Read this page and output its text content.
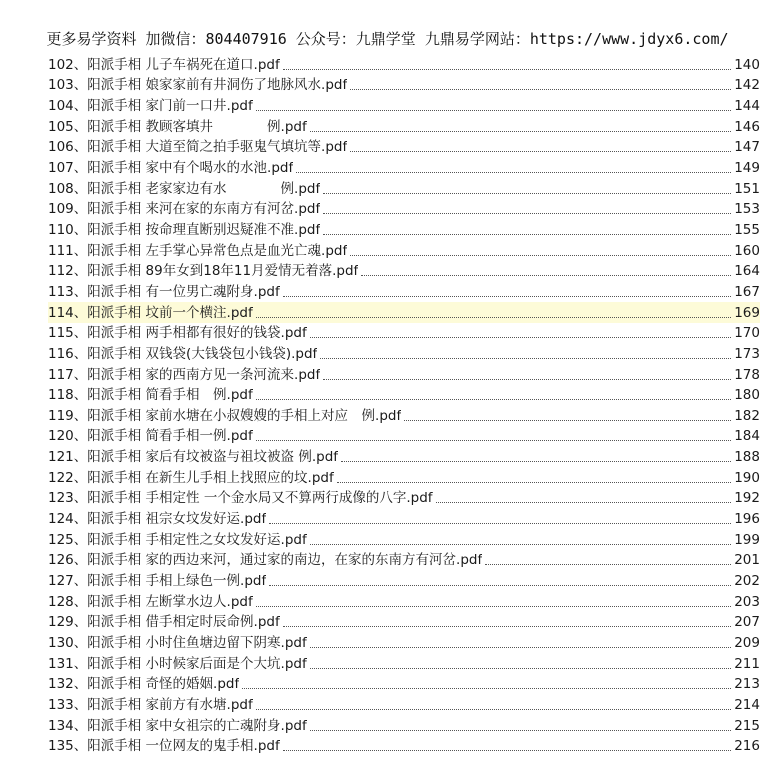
更多易学资料 加微信：804407916 公众号：九鼎学堂 九鼎易学网站：https://www.jdyx6.com/
102、阳派手相 儿子车祸死在道口.pdf	140
103、阳派手相 娘家家前有井洞伤了地脉风水.pdf	142
104、阳派手相 家门前一口井.pdf	144
105、阳派手相 教顾客填井　　　　例.pdf	146
106、阳派手相 大道至简之拍手驱鬼气填坑等.pdf	147
107、阳派手相 家中有个喝水的水池.pdf	149
108、阳派手相 老家家边有水　　　　例.pdf	151
109、阳派手相 来河在家的东南方有河岔.pdf	153
110、阳派手相 按命理直断别迟疑准不准.pdf	155
111、阳派手相 左手掌心异常色点是血光亡魂.pdf	160
112、阳派手相 89年女到18年11月爱情无着落.pdf	164
113、阳派手相 有一位男亡魂附身.pdf	167
114、阳派手相 坟前一个横注.pdf	169
115、阳派手相 两手相都有很好的钱袋.pdf	170
116、阳派手相 双钱袋(大钱袋包小钱袋).pdf	173
117、阳派手相 家的西南方见一条河流来.pdf	178
118、阳派手相 简看手相　例.pdf	180
119、阳派手相 家前水塘在小叔嫂嫂的手相上对应　例.pdf	182
120、阳派手相 简看手相一例.pdf	184
121、阳派手相 家后有坟被盗与祖坟被盗 例.pdf	188
122、阳派手相 在新生儿手相上找照应的坟.pdf	190
123、阳派手相 手相定性 一个金水局又不算两行成像的八字.pdf	192
124、阳派手相 祖宗女坟发好运.pdf	196
125、阳派手相 手相定性之女坟发好运.pdf	199
126、阳派手相 家的西边来河，通过家的南边，在家的东南方有河岔.pdf	201
127、阳派手相 手相上绿色一例.pdf	202
128、阳派手相 左断掌水边人.pdf	203
129、阳派手相 借手相定时辰命例.pdf	207
130、阳派手相 小时住鱼塘边留下阴寒.pdf	209
131、阳派手相 小时候家后面是个大坑.pdf	211
132、阳派手相 奇怪的婚姻.pdf	213
133、阳派手相 家前方有水塘.pdf	214
134、阳派手相 家中女祖宗的亡魂附身.pdf	215
135、阳派手相 一位网友的鬼手相.pdf	216
